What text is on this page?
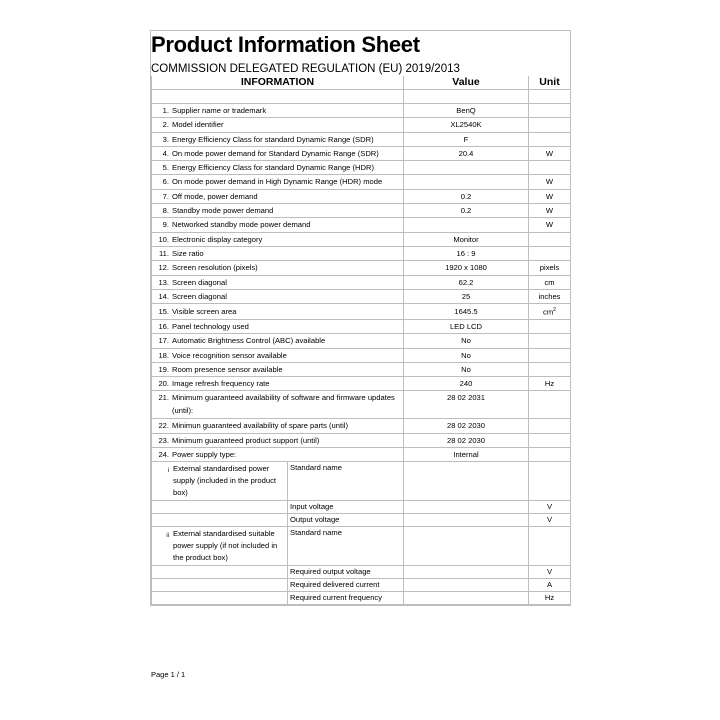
Product Information Sheet
COMMISSION DELEGATED REGULATION (EU) 2019/2013
INFORMATION		Value	Unit

1. Supplier name or trademark		BenQ	

2. Model identifier		XL2540K	

3. Energy Efficiency Class for standard Dynamic Range (SDR)		F	

4. On mode power demand for Standard Dynamic Range (SDR)		20.4	W

5. Energy Efficiency Class for standard Dynamic Range (HDR)			

6. On mode power demand in High Dynamic Range (HDR) mode			W

7. Off mode, power demand		0.2	W

8. Standby mode power demand		0.2	W

9. Networked standby mode power demand			W

10. Electronic display category		Monitor	

11. Size ratio		16 : 9	

12. Screen resolution (pixels)		1920 x 1080	pixels

13. Screen diagonal		62.2	cm

14. Screen diagonal		25	inches

15. Visible screen area		1645.5	$cm^2$

16. Panel technology used		LED LCD	

17. Automatic Brightness Control (ABC) available		No	

18. Voice recognition sensor available		No	

19. Room presence sensor available		No	

20. Image refresh frequency rate		240	Hz

21. Minimum guaranteed availability of software and firmware updates (until):		28 02 2031	

22. Minimun guaranteed availability of spare parts (until)		28 02 2030	

23. Minimum guaranteed product support (until)		28 02 2030	

24. Power supply type:		Internal	

i External standardised power supply (included in the product box)	Standard name		
	Input voltage		V
	Output voltage		V

ii External standardised suitable power supply (if not included in the product box)	Standard name		
	Required output voltage		V
	Required delivered current		A
	Required current frequency		Hz
Page 1 / 1
